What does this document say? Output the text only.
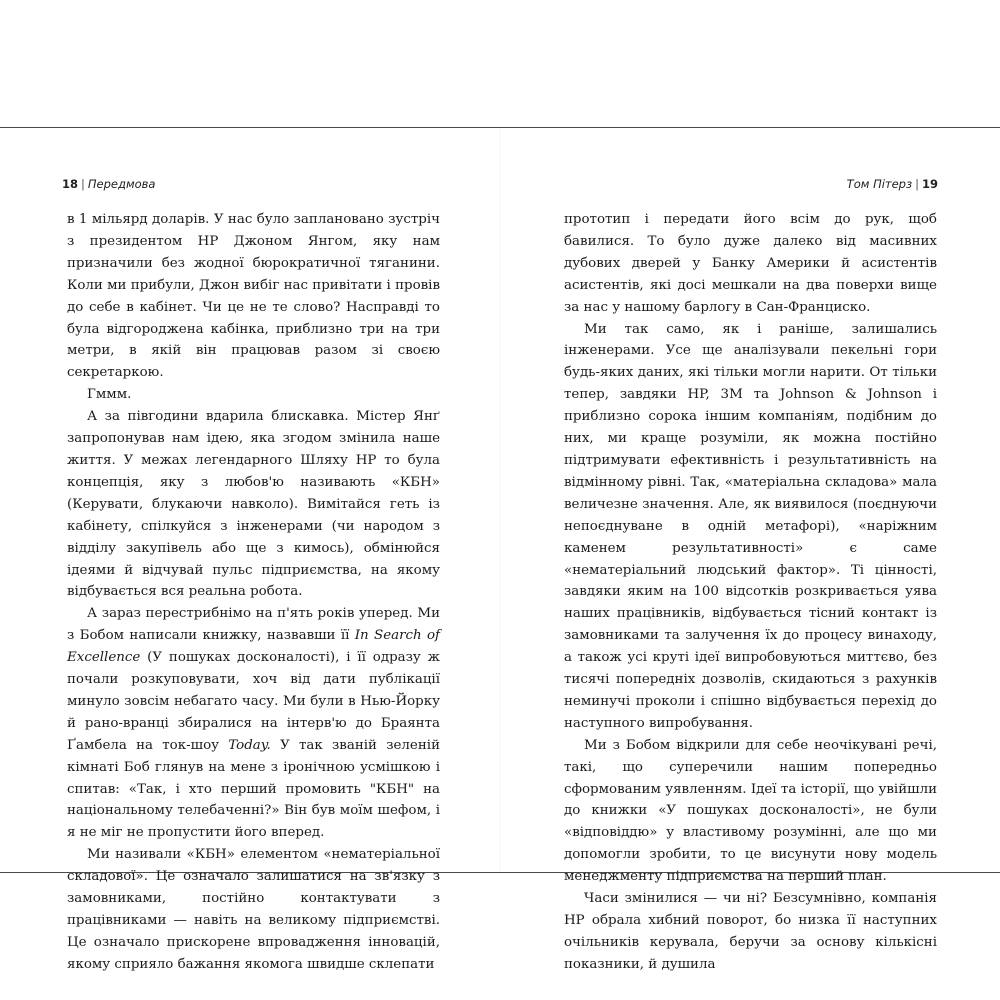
18 | Передмова	Том Пітерз | 19

в 1 мільярд доларів. У нас було заплановано зустріч з президентом HP Джоном Янгом, яку нам призначили без жодної бюрократичної тяганини. Коли ми прибули, Джон вибіг нас привітати і провів до себе в кабінет. Чи це не те слово? Насправді то була відгороджена кабінка, приблизно три на три метри, в якій він працював разом зі своєю секретаркою.

Гммм.

А за півгодини вдарила блискавка. Містер Янґ запропонував нам ідею, яка згодом змінила наше життя. У межах легендарного Шляху HP то була концепція, яку з любов'ю називають «КБН» (Керувати, блукаючи навколо). Вимітайся геть із кабінету, спілкуйся з інженерами (чи народом з відділу закупівель або ще з кимось), обмінюйся ідеями й відчувай пульс підприємства, на якому відбувається вся реальна робота.

А зараз перестрибнімо на п'ять років уперед. Ми з Бобом написали книжку, назвавши її In Search of Excellence (У пошуках досконалості), і її одразу ж почали розкуповувати, хоч від дати публікації минуло зовсім небагато часу. Ми були в Нью-Йорку й рано-вранці збиралися на інтерв'ю до Браянта Ґамбела на ток-шоу Today. У так званій зеленій кімнаті Боб глянув на мене з іронічною усмішкою і спитав: «Так, і хто перший промовить "КБН" на національному телебаченні?» Він був моїм шефом, і я не міг не пропустити його вперед.

Ми називали «КБН» елементом «нематеріальної складової». Це означало залишатися на зв'язку з замовниками, постійно контактувати з працівниками — навіть на великому підприємстві. Це означало прискорене впровадження інновацій, якому сприяло бажання якомога швидше склепати

прототип і передати його всім до рук, щоб бавилися. То було дуже далеко від масивних дубових дверей у Банку Америки й асистентів асистентів, які досі мешкали на два поверхи вище за нас у нашому барлогу в Сан-Франциско.

Ми так само, як і раніше, залишались інженерами. Усе ще аналізували пекельні гори будь-яких даних, які тільки могли нарити. От тільки тепер, завдяки HP, 3M та Johnson & Johnson і приблизно сорока іншим компаніям, подібним до них, ми краще розуміли, як можна постійно підтримувати ефективність і результативність на відмінному рівні. Так, «матеріальна складова» мала величезне значення. Але, як виявилося (поєднуючи непоєднуване в одній метафорі), «наріжним каменем результативності» є саме «нематеріальний людський фактор». Ті цінності, завдяки яким на 100 відсотків розкривається уява наших працівників, відбувається тісний контакт із замовниками та залучення їх до процесу винаходу, а також усі круті ідеї випробовуються миттєво, без тисячі попередніх дозволів, скидаються з рахунків неминучі проколи і спішно відбувається перехід до наступного випробування.

Ми з Бобом відкрили для себе неочікувані речі, такі, що суперечили нашим попередньо сформованим уявленням. Ідеї та історії, що увійшли до книжки «У пошуках досконалості», не були «відповіддю» у властивому розумінні, але що ми допомогли зробити, то це висунути нову модель менеджменту підприємства на перший план.

Часи змінилися — чи ні? Безсумнівно, компанія HP обрала хибний поворот, бо низка її наступних очільників керувала, беручи за основу кількісні показники, й душила
